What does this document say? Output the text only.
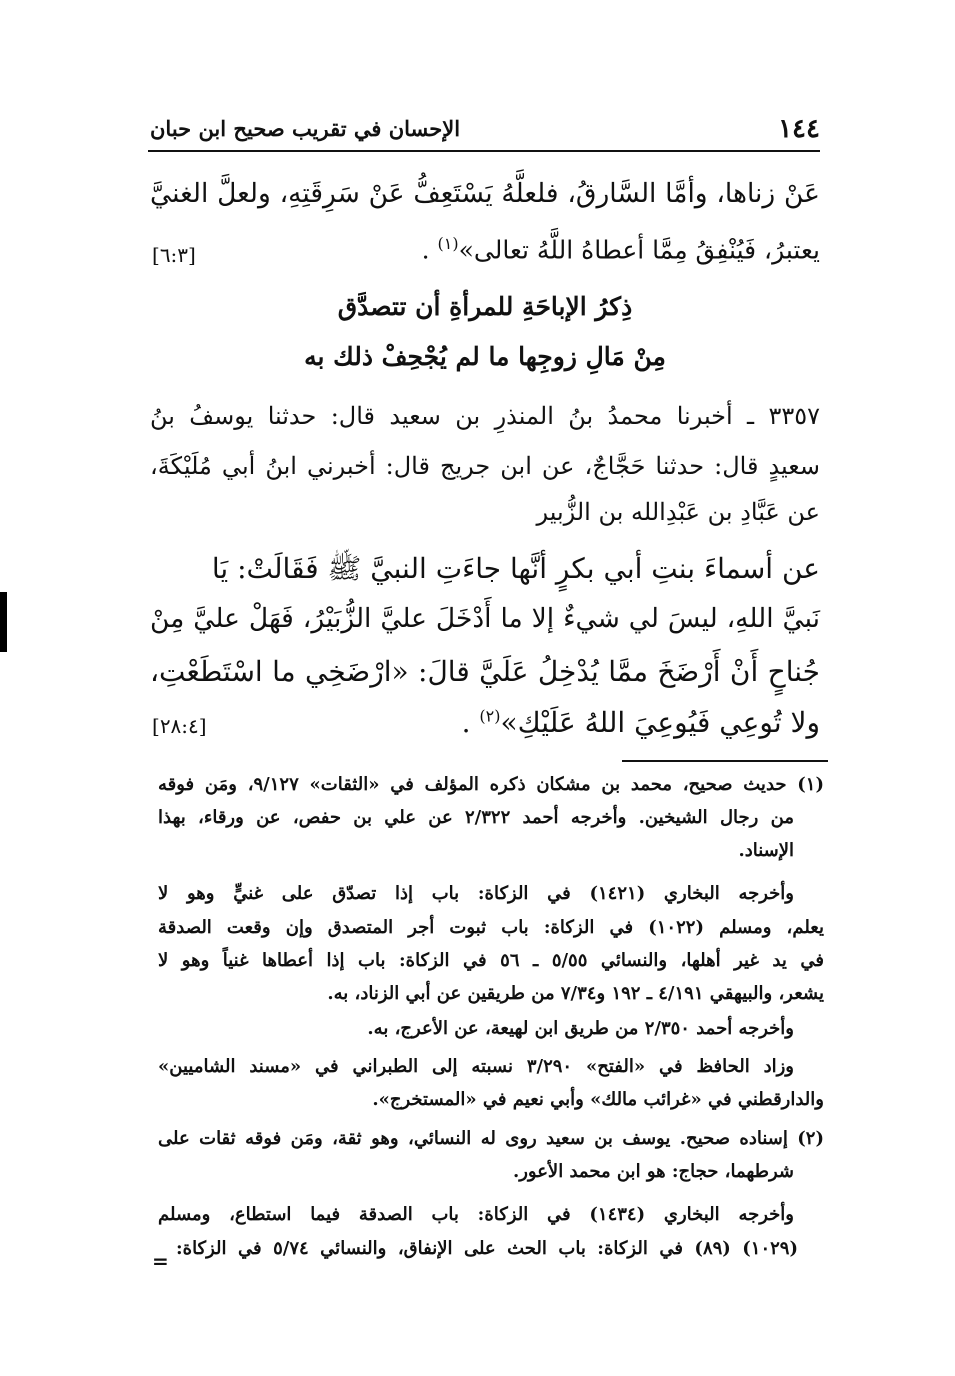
١٤٤
الإحسان في تقريب صحيح ابن حبان
عَنْ زناها، وأمَّا السَّارقُ، فلعلَّهُ يَسْتَعِفُّ عَنْ سَرِقَتِهِ، ولعلَّ الغنيَّ
يعتبرُ، فَيُنْفِقُ مِمَّا أعطاهُ اللَّهُ تعالى»$^{(١)}$ .
[٦:٣]
ذِكرُ الإباحَةِ للمرأةِ أن تتصدَّق
مِنْ مَالِ زوجِها ما لم يُجْحِفْ ذلك به
٣٣٥٧ ـ أخبرنا محمدُ بنُ المنذرِ بن سعيد قال: حدثنا يوسفُ بنُ
سعيدٍ قال: حدثنا حَجَّاجٌ، عن ابن جريج قال: أخبرني ابنُ أبي مُلَيْكَةَ،
عن عَبَّادِ بن عَبْدِالله بن الزُّبير
عن أسماءَ بنتِ أبي بكرٍ أنَّها جاءَتِ النبيَّ ﷺ فَقَالَتْ: يَا
نَبيَّ اللهِ، ليسَ لي شيءٌ إلا ما أَدْخَلَ عليَّ الزُّبَيْرُ، فَهَلْ عليَّ مِنْ
جُناحٍ أَنْ أَرْضَخَ ممَّا يُدْخِلُ عَلَيَّ قالَ: «ارْضَخِي ما اسْتَطَعْتِ،
ولا تُوعِي فَيُوعِيَ اللهُ عَلَيْكِ»$^{(٢)}$ .
[٢٨:٤]
(١) حديث صحيح، محمد بن مشكان ذكره المؤلف في «الثقات» ٩/١٢٧، ومَن فوقه
من رجال الشيخين. وأخرجه أحمد ٢/٣٢٢ عن علي بن حفص، عن ورقاء، بهذا
الإسناد.
وأخرجه البخاري (١٤٢١) في الزكاة: باب إذا تصدّق على غنيٍّ وهو لا
يعلم، ومسلم (١٠٢٢) في الزكاة: باب ثبوت أجر المتصدق وإن وقعت الصدقة
في يد غير أهلها، والنسائي ٥/٥٥ ـ ٥٦ في الزكاة: باب إذا أعطاها غنياً وهو لا
يشعر، والبيهقي ٤/١٩١ ـ ١٩٢ و٧/٣٤ من طريقين عن أبي الزناد، به.
وأخرجه أحمد ٢/٣٥٠ من طريق ابن لهيعة، عن الأعرج، به.
وزاد الحافظ في «الفتح» ٣/٢٩٠ نسبته إلى الطبراني في «مسند الشاميين»
والدارقطني في «غرائب مالك» وأبي نعيم في «المستخرج».
(٢) إسناده صحيح. يوسف بن سعيد روى له النسائي، وهو ثقة، ومَن فوقه ثقات على
شرطهما، حجاج: هو ابن محمد الأعور.
وأخرجه البخاري (١٤٣٤) في الزكاة: باب الصدقة فيما استطاع، ومسلم
(١٠٢٩) (٨٩) في الزكاة: باب الحث على الإنفاق، والنسائي ٥/٧٤ في الزكاة:
=
